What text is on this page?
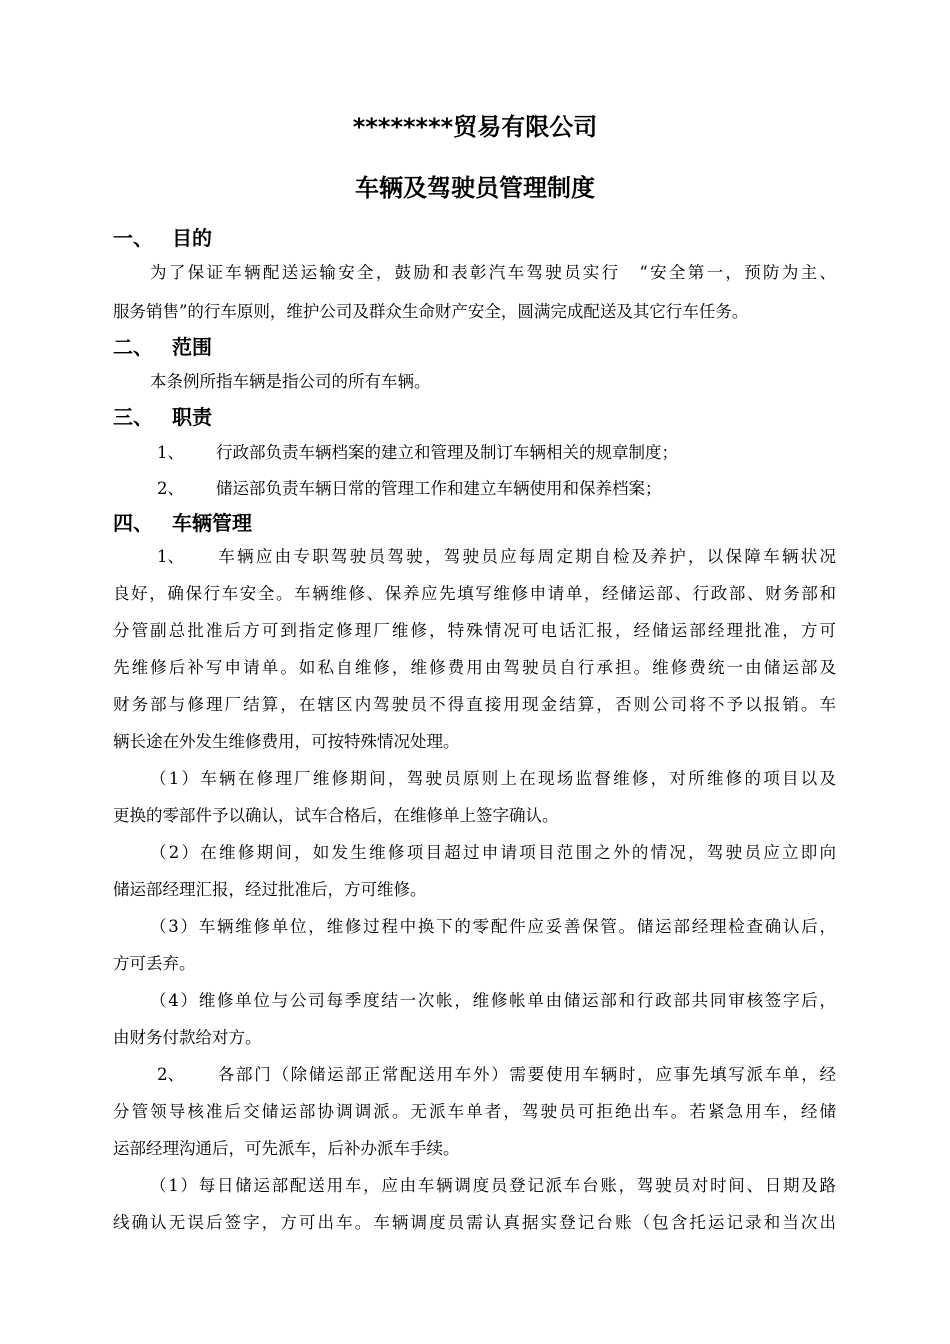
********贸易有限公司
车辆及驾驶员管理制度
一、 目的
为了保证车辆配送运输安全，鼓励和表彰汽车驾驶员实行　“安全第一，预防为主、
服务销售”的行车原则，维护公司及群众生命财产安全，圆满完成配送及其它行车任务。
二、 范围
本条例所指车辆是指公司的所有车辆。
三、 职责
1、 行政部负责车辆档案的建立和管理及制订车辆相关的规章制度；
2、 储运部负责车辆日常的管理工作和建立车辆使用和保养档案；
四、 车辆管理
1、 车辆应由专职驾驶员驾驶，驾驶员应每周定期自检及养护，以保障车辆状况
良好，确保行车安全。车辆维修、保养应先填写维修申请单，经储运部、行政部、财务部和
分管副总批准后方可到指定修理厂维修，特殊情况可电话汇报，经储运部经理批准，方可
先维修后补写申请单。如私自维修，维修费用由驾驶员自行承担。维修费统一由储运部及
财务部与修理厂结算，在辖区内驾驶员不得直接用现金结算，否则公司将不予以报销。车
辆长途在外发生维修费用，可按特殊情况处理。
（1）车辆在修理厂维修期间，驾驶员原则上在现场监督维修，对所维修的项目以及
更换的零部件予以确认，试车合格后，在维修单上签字确认。
（2）在维修期间，如发生维修项目超过申请项目范围之外的情况，驾驶员应立即向
储运部经理汇报，经过批准后，方可维修。
（3）车辆维修单位，维修过程中换下的零配件应妥善保管。储运部经理检查确认后，
方可丢弃。
（4）维修单位与公司每季度结一次帐，维修帐单由储运部和行政部共同审核签字后，
由财务付款给对方。
2、 各部门（除储运部正常配送用车外）需要使用车辆时，应事先填写派车单，经
分管领导核准后交储运部协调调派。无派车单者，驾驶员可拒绝出车。若紧急用车，经储
运部经理沟通后，可先派车，后补办派车手续。
（1）每日储运部配送用车，应由车辆调度员登记派车台账，驾驶员对时间、日期及路
线确认无误后签字，方可出车。车辆调度员需认真据实登记台账（包含托运记录和当次出
